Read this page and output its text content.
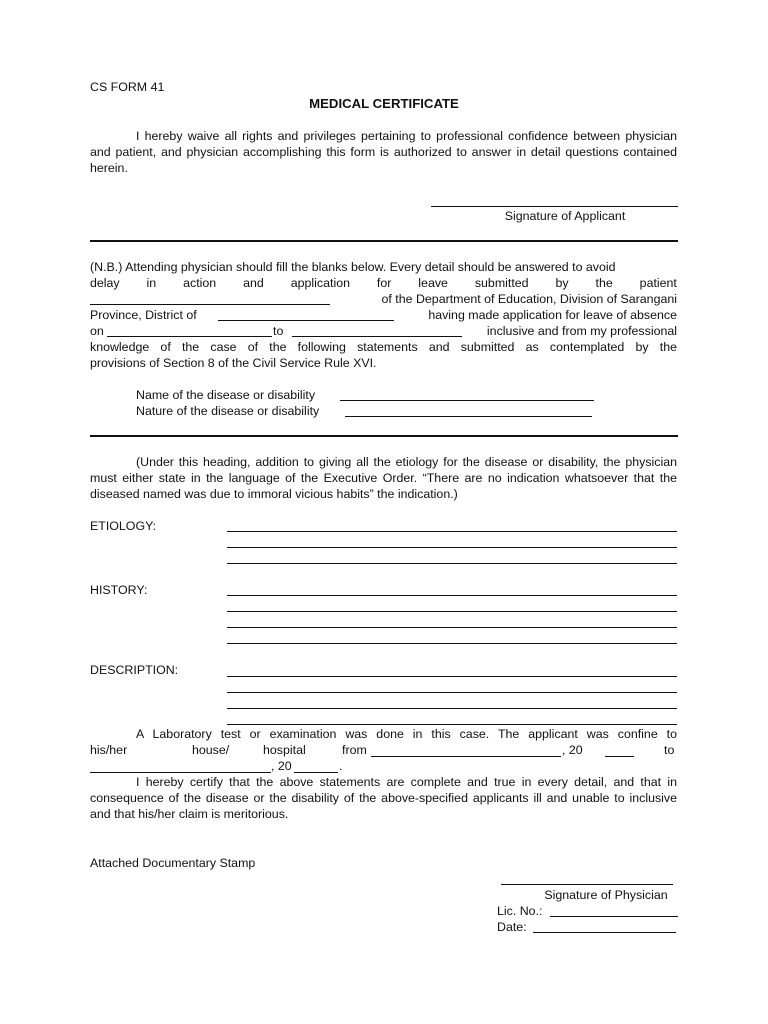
CS FORM 41
MEDICAL CERTIFICATE
I hereby waive all rights and privileges pertaining to professional confidence between physician and patient, and physician accomplishing this form is authorized to answer in detail questions contained herein.
Signature of Applicant
(N.B.) Attending physician should fill the blanks below. Every detail should be answered to avoid
delay in action and application for leave submitted by the patient
of the Department of Education, Division of Sarangani
Province, District of	having made application for leave of absence
on	to	inclusive and from my professional
knowledge of the case of the following statements and submitted as contemplated by the
provisions of Section 8 of the Civil Service Rule XVI.
Name of the disease or disability
Nature of the disease or disability
(Under this heading, addition to giving all the etiology for the disease or disability, the physician must either state in the language of the Executive Order. “There are no indication whatsoever that the diseased named was due to immoral vicious habits” the indication.)
ETIOLOGY:
HISTORY:
DESCRIPTION:
A Laboratory test or examination was done in this case. The applicant was confine to
his/her	house/	hospital	from	, 20	to
, 20	.
I hereby certify that the above statements are complete and true in every detail, and that in consequence of the disease or the disability of the above-specified applicants ill and unable to inclusive and that his/her claim is meritorious.
Attached Documentary Stamp
Signature of Physician
Lic. No.:
Date:
